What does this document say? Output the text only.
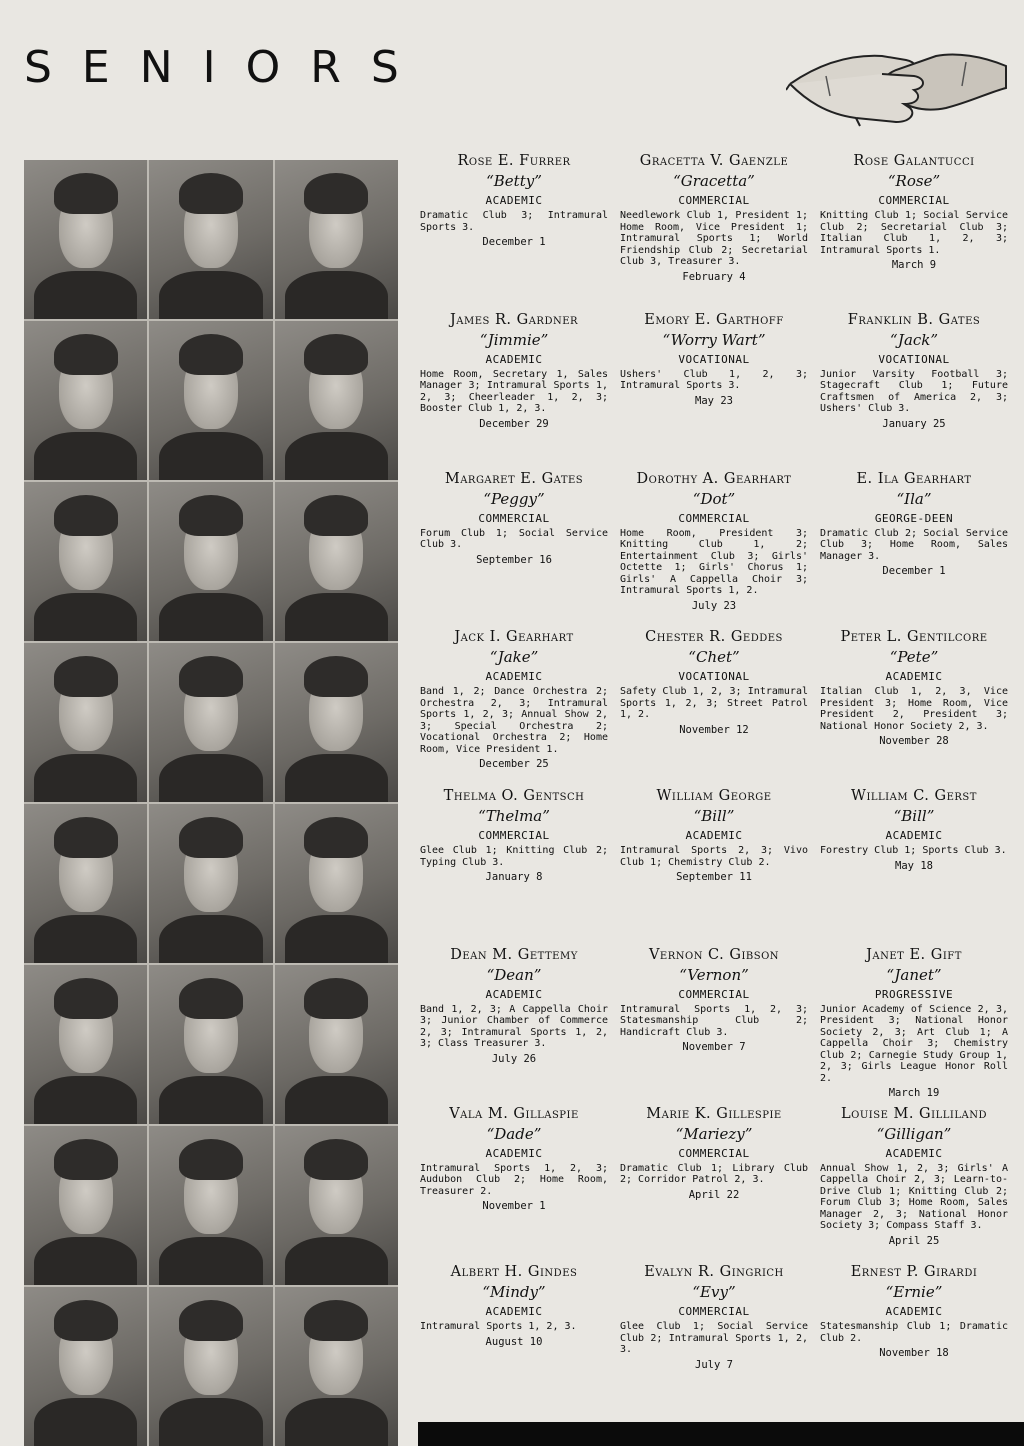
SENIORS
Rose E. Furrer
“Betty”
ACADEMIC
Dramatic Club 3; Intramural Sports 3.
December 1
Gracetta V. Gaenzle
“Gracetta”
COMMERCIAL
Needlework Club 1, President 1; Home Room, Vice President 1; Intramural Sports 1; World Friendship Club 2; Secretarial Club 3, Treasurer 3.
February 4
Rose Galantucci
“Rose”
COMMERCIAL
Knitting Club 1; Social Service Club 2; Secretarial Club 3; Italian Club 1, 2, 3; Intramural Sports 1.
March 9
James R. Gardner
“Jimmie”
ACADEMIC
Home Room, Secretary 1, Sales Manager 3; Intramural Sports 1, 2, 3; Cheerleader 1, 2, 3; Booster Club 1, 2, 3.
December 29
Emory E. Garthoff
“Worry Wart”
VOCATIONAL
Ushers' Club 1, 2, 3; Intramural Sports 3.
May 23
Franklin B. Gates
“Jack”
VOCATIONAL
Junior Varsity Football 3; Stagecraft Club 1; Future Craftsmen of America 2, 3; Ushers' Club 3.
January 25
Margaret E. Gates
“Peggy”
COMMERCIAL
Forum Club 1; Social Service Club 3.
September 16
Dorothy A. Gearhart
“Dot”
COMMERCIAL
Home Room, President 3; Knitting Club 1, 2; Entertainment Club 3; Girls' Octette 1; Girls' Chorus 1; Girls' A Cappella Choir 3; Intramural Sports 1, 2.
July 23
E. Ila Gearhart
“Ila”
GEORGE-DEEN
Dramatic Club 2; Social Service Club 3; Home Room, Sales Manager 3.
December 1
Jack I. Gearhart
“Jake”
ACADEMIC
Band 1, 2; Dance Orchestra 2; Orchestra 2, 3; Intramural Sports 1, 2, 3; Annual Show 2, 3; Special Orchestra 2; Vocational Orchestra 2; Home Room, Vice President 1.
December 25
Chester R. Geddes
“Chet”
VOCATIONAL
Safety Club 1, 2, 3; Intramural Sports 1, 2, 3; Street Patrol 1, 2.
November 12
Peter L. Gentilcore
“Pete”
ACADEMIC
Italian Club 1, 2, 3, Vice President 3; Home Room, Vice President 2, President 3; National Honor Society 2, 3.
November 28
Thelma O. Gentsch
“Thelma”
COMMERCIAL
Glee Club 1; Knitting Club 2; Typing Club 3.
January 8
William George
“Bill”
ACADEMIC
Intramural Sports 2, 3; Vivo Club 1; Chemistry Club 2.
September 11
William C. Gerst
“Bill”
ACADEMIC
Forestry Club 1; Sports Club 3.
May 18
Dean M. Gettemy
“Dean”
ACADEMIC
Band 1, 2, 3; A Cappella Choir 3; Junior Chamber of Commerce 2, 3; Intramural Sports 1, 2, 3; Class Treasurer 3.
July 26
Vernon C. Gibson
“Vernon”
COMMERCIAL
Intramural Sports 1, 2, 3; Statesmanship Club 2; Handicraft Club 3.
November 7
Janet E. Gift
“Janet”
PROGRESSIVE
Junior Academy of Science 2, 3, President 3; National Honor Society 2, 3; Art Club 1; A Cappella Choir 3; Chemistry Club 2; Carnegie Study Group 1, 2, 3; Girls League Honor Roll 2.
March 19
Vala M. Gillaspie
“Dade”
ACADEMIC
Intramural Sports 1, 2, 3; Audubon Club 2; Home Room, Treasurer 2.
November 1
Marie K. Gillespie
“Mariezy”
COMMERCIAL
Dramatic Club 1; Library Club 2; Corridor Patrol 2, 3.
April 22
Louise M. Gilliland
“Gilligan”
ACADEMIC
Annual Show 1, 2, 3; Girls' A Cappella Choir 2, 3; Learn-to-Drive Club 1; Knitting Club 2; Forum Club 3; Home Room, Sales Manager 2, 3; National Honor Society 3; Compass Staff 3.
April 25
Albert H. Gindes
“Mindy”
ACADEMIC
Intramural Sports 1, 2, 3.
August 10
Evalyn R. Gingrich
“Evy”
COMMERCIAL
Glee Club 1; Social Service Club 2; Intramural Sports 1, 2, 3.
July 7
Ernest P. Girardi
“Ernie”
ACADEMIC
Statesmanship Club 1; Dramatic Club 2.
November 18
